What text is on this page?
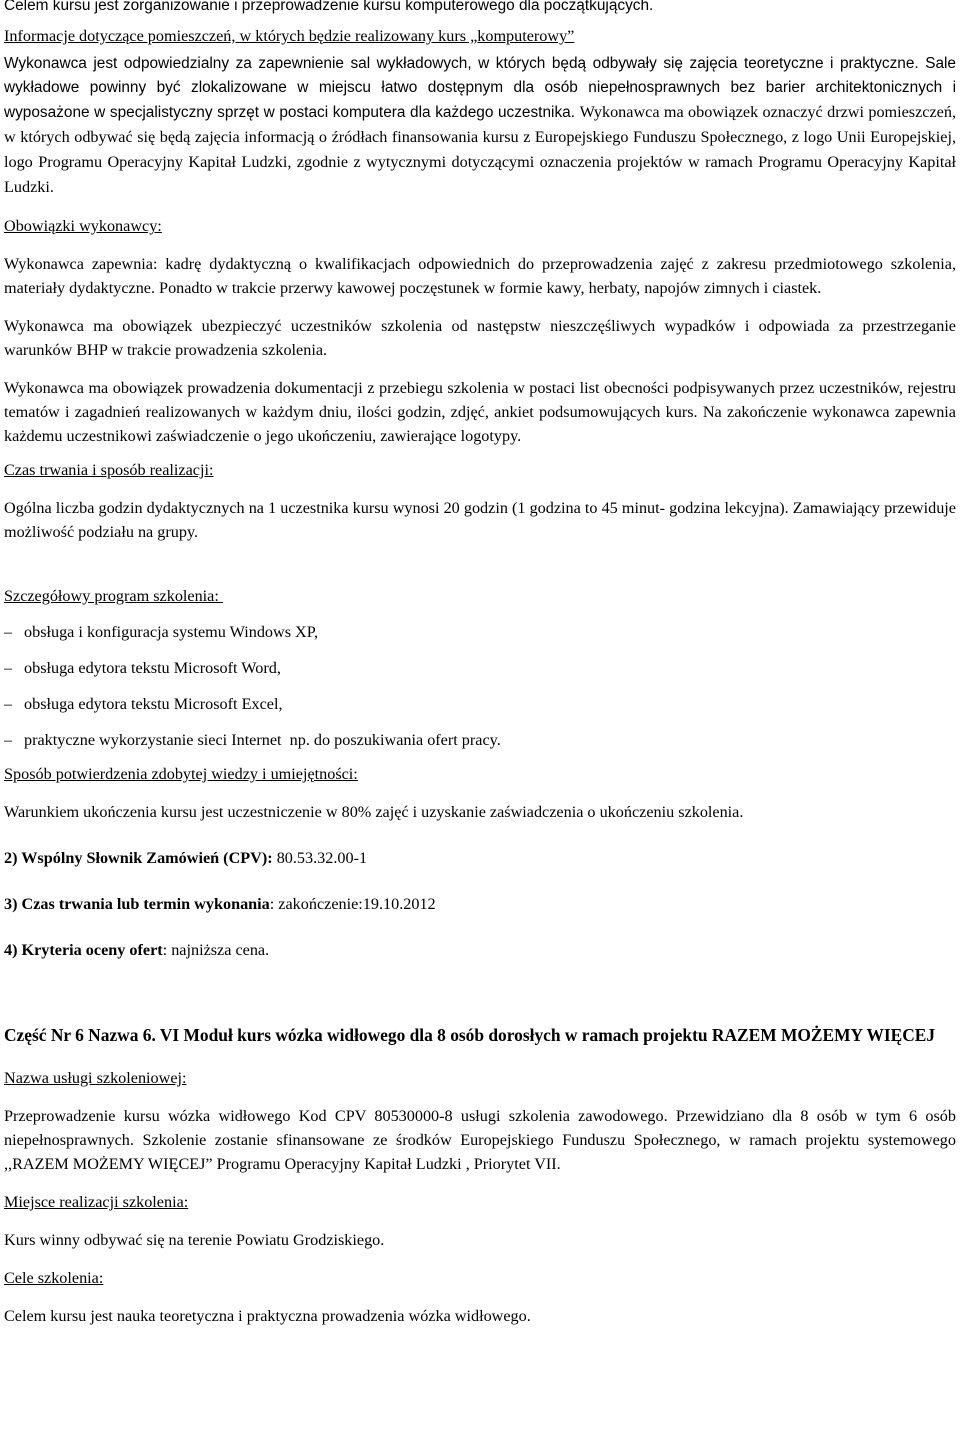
Celem kursu jest zorganizowanie i przeprowadzenie kursu komputerowego dla początkujących.

Informacje dotyczące pomieszczeń, w których będzie realizowany kurs „komputerowy”

Wykonawca jest odpowiedzialny za zapewnienie sal wykładowych, w których będą odbywały się zajęcia teoretyczne i praktyczne. Sale wykładowe powinny być zlokalizowane w miejscu łatwo dostępnym dla osób niepełnosprawnych bez barier architektonicznych i wyposażone w specjalistyczny sprzęt w postaci komputera dla każdego uczestnika. Wykonawca ma obowiązek oznaczyć drzwi pomieszczeń, w których odbywać się będą zajęcia informacją o źródłach finansowania kursu z Europejskiego Funduszu Społecznego, z logo Unii Europejskiej, logo Programu Operacyjny Kapitał Ludzki, zgodnie z wytycznymi dotyczącymi oznaczenia projektów w ramach Programu Operacyjny Kapitał Ludzki.

Obowiązki wykonawcy:

Wykonawca zapewnia: kadrę dydaktyczną o kwalifikacjach odpowiednich do przeprowadzenia zajęć z zakresu przedmiotowego szkolenia, materiały dydaktyczne. Ponadto w trakcie przerwy kawowej poczęstunek w formie kawy, herbaty, napojów zimnych i ciastek.

Wykonawca ma obowiązek ubezpieczyć uczestników szkolenia od następstw nieszczęśliwych wypadków i odpowiada za przestrzeganie warunków BHP w trakcie prowadzenia szkolenia.

Wykonawca ma obowiązek prowadzenia dokumentacji z przebiegu szkolenia w postaci list obecności podpisywanych przez uczestników, rejestru tematów i zagadnień realizowanych w każdym dniu, ilości godzin, zdjęć, ankiet podsumowujących kurs. Na zakończenie wykonawca zapewnia każdemu uczestnikowi zaświadczenie o jego ukończeniu, zawierające logotypy.

Czas trwania i sposób realizacji:

Ogólna liczba godzin dydaktycznych na 1 uczestnika kursu wynosi 20 godzin (1 godzina to 45 minut- godzina lekcyjna). Zamawiający przewiduje możliwość podziału na grupy.

Szczegółowy program szkolenia:

– obsługa i konfiguracja systemu Windows XP,
– obsługa edytora tekstu Microsoft Word,
– obsługa edytora tekstu Microsoft Excel,
– praktyczne wykorzystanie sieci Internet  np. do poszukiwania ofert pracy.

Sposób potwierdzenia zdobytej wiedzy i umiejętności:

Warunkiem ukończenia kursu jest uczestniczenie w 80% zajęć i uzyskanie zaświadczenia o ukończeniu szkolenia.

2) Wspólny Słownik Zamówień (CPV): 80.53.32.00-1

3) Czas trwania lub termin wykonania: zakończenie:19.10.2012

4) Kryteria oceny ofert: najniższa cena.

Część Nr 6 Nazwa 6. VI Moduł kurs wózka widłowego dla 8 osób dorosłych w ramach projektu RAZEM MOŻEMY WIĘCEJ

Nazwa usługi szkoleniowej:

Przeprowadzenie kursu wózka widłowego Kod CPV 80530000-8 usługi szkolenia zawodowego. Przewidziano dla 8 osób w tym 6 osób niepełnosprawnych. Szkolenie zostanie sfinansowane ze środków Europejskiego Funduszu Społecznego, w ramach projektu systemowego ,,RAZEM MOŻEMY WIĘCEJ” Programu Operacyjny Kapitał Ludzki , Priorytet VII.

Miejsce realizacji szkolenia:

Kurs winny odbywać się na terenie Powiatu Grodziskiego.

Cele szkolenia:

Celem kursu jest nauka teoretyczna i praktyczna prowadzenia wózka widłowego.
